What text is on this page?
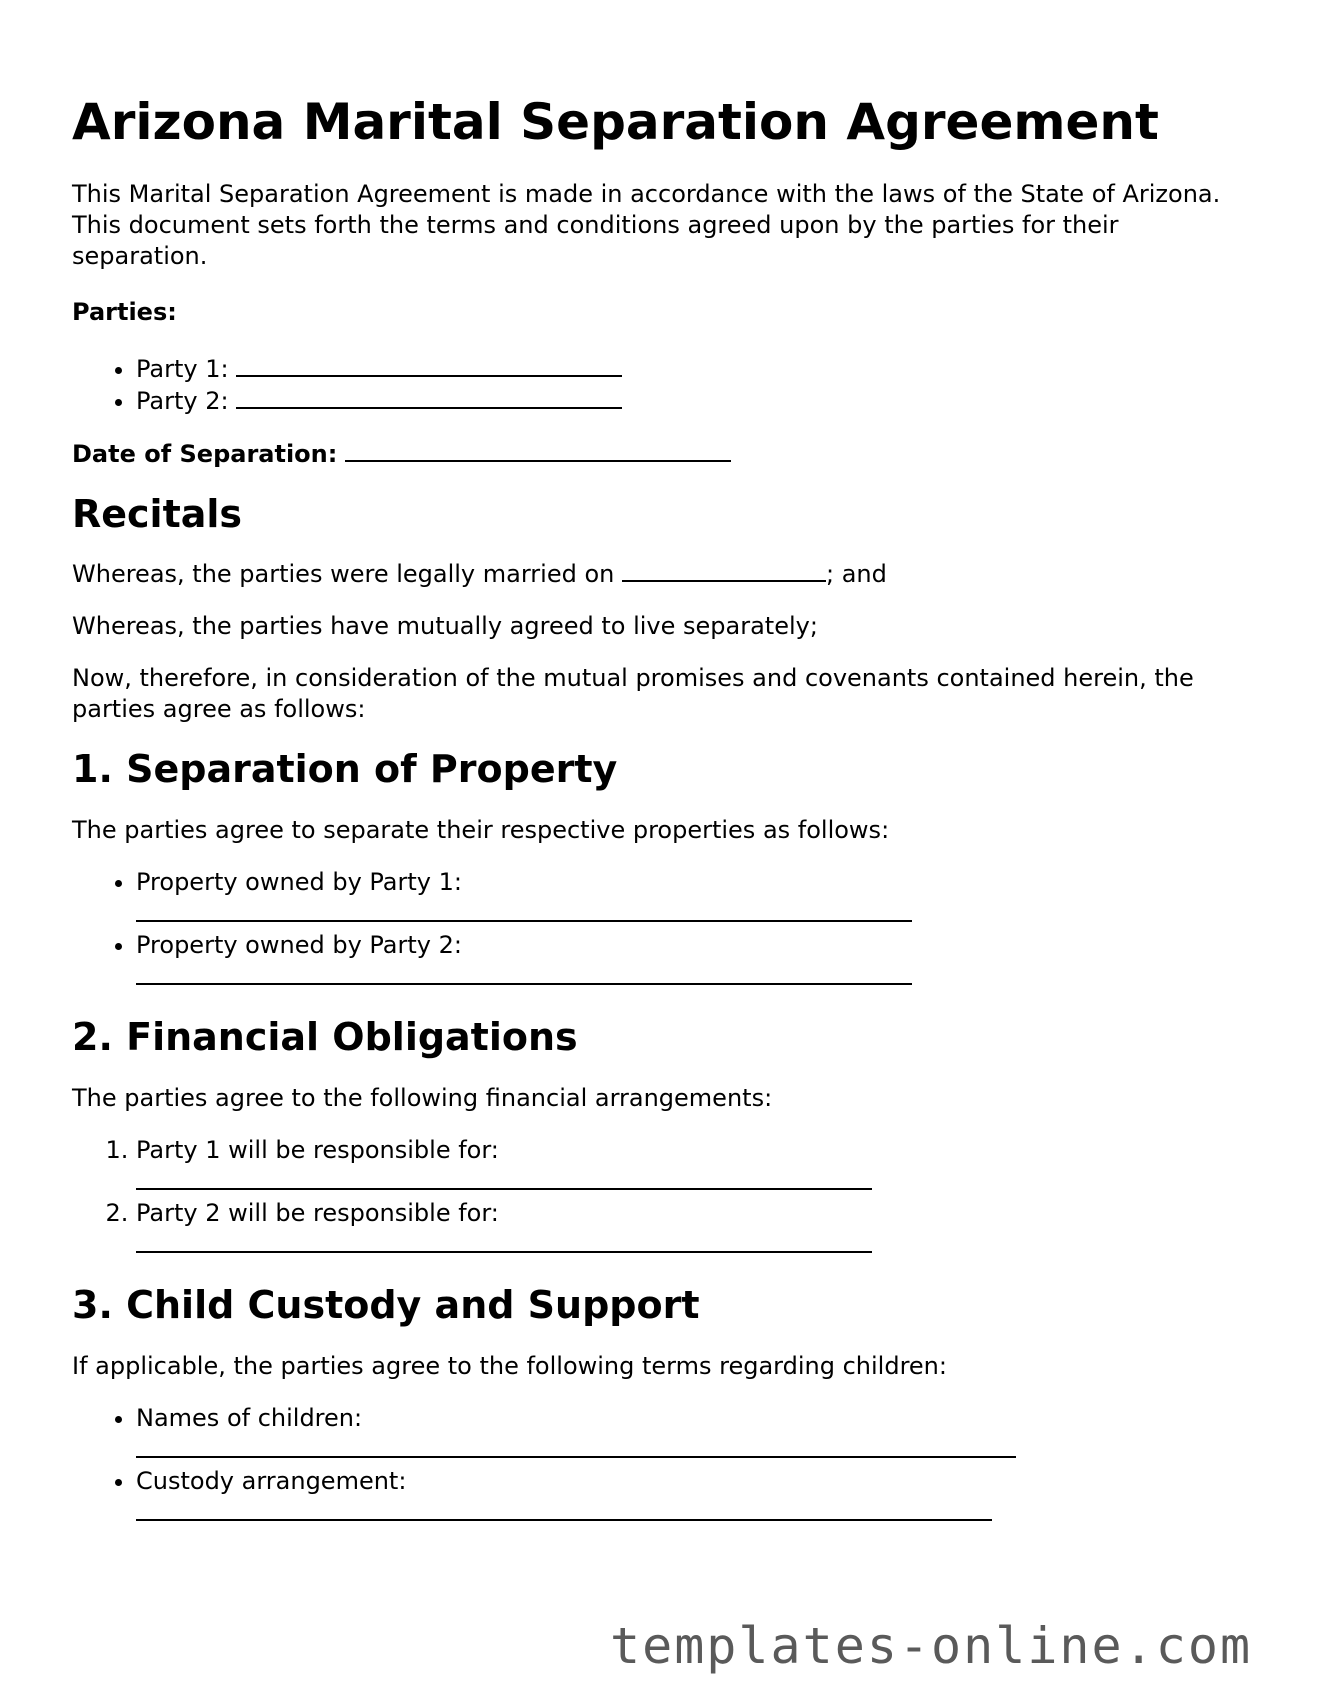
Arizona Marital Separation Agreement

This Marital Separation Agreement is made in accordance with the laws of the State of Arizona. This document sets forth the terms and conditions agreed upon by the parties for their separation.

Parties:

• Party 1:
• Party 2:

Date of Separation:

Recitals

Whereas, the parties were legally married on	; and

Whereas, the parties have mutually agreed to live separately;

Now, therefore, in consideration of the mutual promises and covenants contained herein, the parties agree as follows:

1. Separation of Property

The parties agree to separate their respective properties as follows:

• Property owned by Party 1:

• Property owned by Party 2:

2. Financial Obligations

The parties agree to the following financial arrangements:

1. Party 1 will be responsible for:

2. Party 2 will be responsible for:

3. Child Custody and Support

If applicable, the parties agree to the following terms regarding children:

• Names of children:

• Custody arrangement:

templates-online.com
